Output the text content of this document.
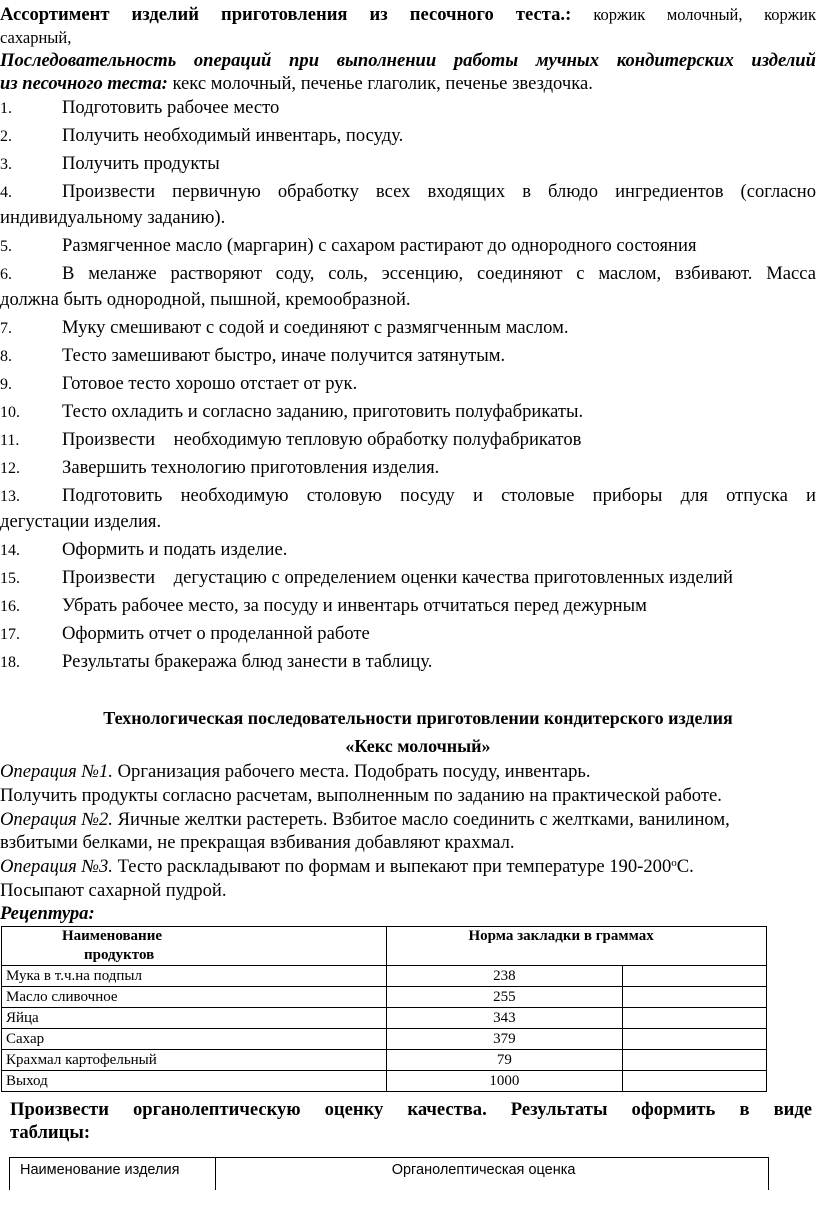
Ассортимент изделий приготовления из песочного теста.: коржик молочный, коржик
сахарный,
Последовательность операций при выполнении работы мучных кондитерских изделий
из песочного теста: кекс молочный, печенье глаголик, печенье звездочка.
1.	Подготовить рабочее место
2.	Получить необходимый инвентарь, посуду.
3.	Получить продукты
4.	Произвести первичную обработку всех входящих в блюдо ингредиентов (согласно
индивидуальному заданию).
5.	Размягченное масло (маргарин) с сахаром растирают до однородного состояния
6.	В меланже растворяют соду, соль, эссенцию, соединяют с маслом, взбивают. Масса
должна быть однородной, пышной, кремообразной.
7.	Муку смешивают с содой и соединяют с размягченным маслом.
8.	Тесто замешивают быстро, иначе получится затянутым.
9.	Готовое тесто хорошо отстает от рук.
10. Тесто охладить и согласно заданию, приготовить полуфабрикаты.
11. Произвести    необходимую тепловую обработку полуфабрикатов
12. Завершить технологию приготовления изделия.
13. Подготовить необходимую столовую посуду и столовые приборы для отпуска и
дегустации изделия.
14. Оформить и подать изделие.
15. Произвести    дегустацию с определением оценки качества приготовленных изделий
16. Убрать рабочее место, за посуду и инвентарь отчитаться перед дежурным
17. Оформить отчет о проделанной работе
18. Результаты бракеража блюд занести в таблицу.
Технологическая последовательности приготовлении кондитерского изделия
«Кекс молочный»
Операция №1. Организация рабочего места. Подобрать посуду, инвентарь.
Получить продукты согласно расчетам, выполненным по заданию на практической работе.
Операция №2. Яичные желтки растереть. Взбитое масло соединить с желтками, ванилином,
взбитыми белками, не прекращая взбивания добавляют крахмал.
Операция №3. Тесто раскладывают по формам и выпекают при температуре $190-200^оС$.
Посыпают сахарной пудрой.
Рецептура:
Наименование
продуктов	Норма закладки в граммах	

Мука в т.ч.на подпыл	238	
Масло сливочное	255	
Яйца	343	
Сахар	379	
Крахмал картофельный	79	
Выход	1000	
Произвести органолептическую оценку качества. Результаты оформить в виде
таблицы:
Наименование изделия	Органолептическая оценка
